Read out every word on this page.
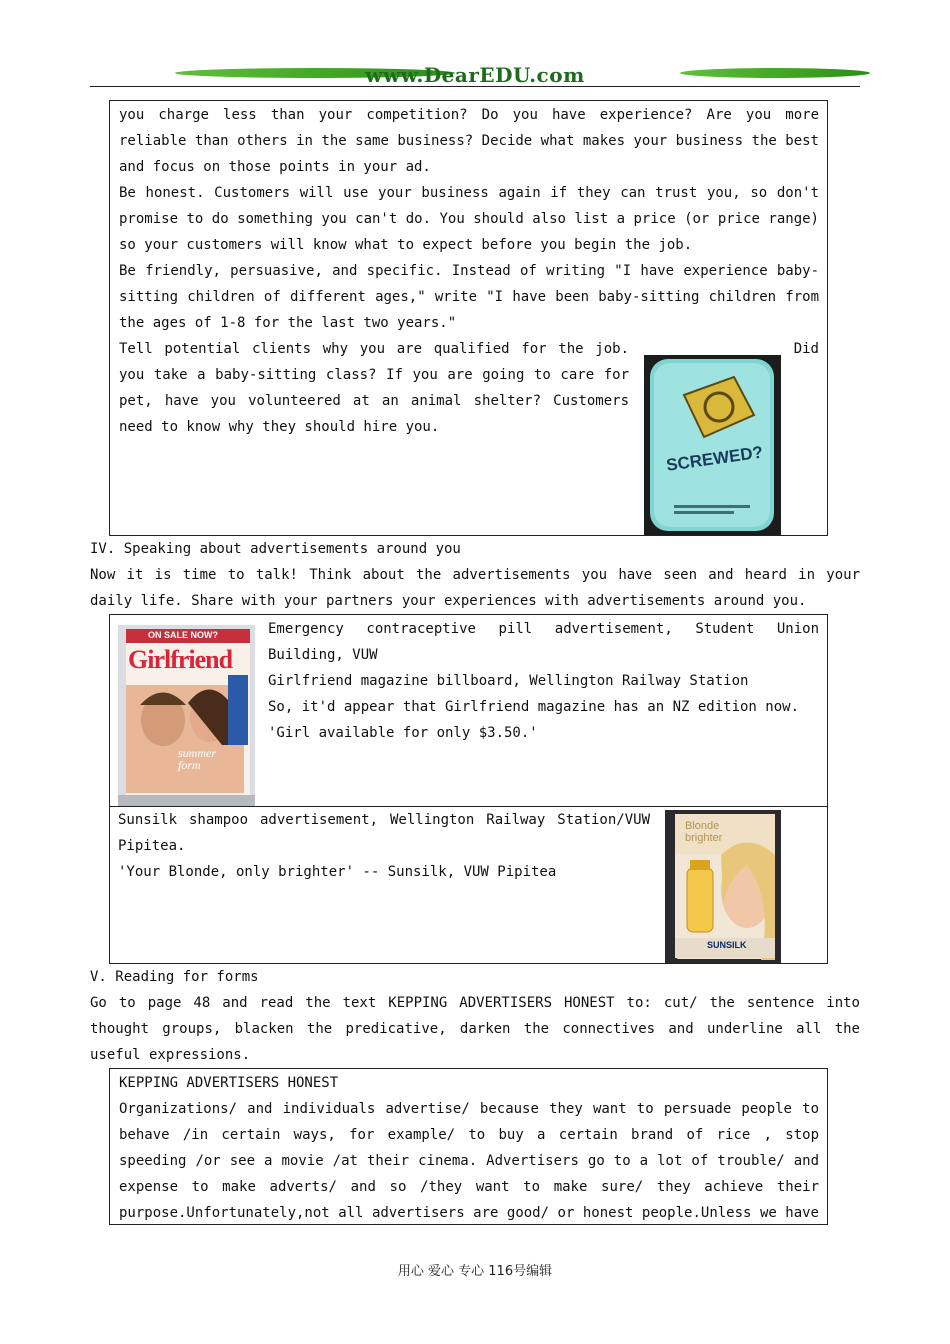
www.DearEDU.com
you charge less than your competition? Do you have experience? Are you more
reliable than others in the same business? Decide what makes your business the best
and focus on those points in your ad.
Be honest. Customers will use your business again if they can trust you, so don't
promise to do something you can't do. You should also list a price (or price range)
so your customers will know what to expect before you begin the job.
Be friendly, persuasive, and specific. Instead of writing "I have experience baby-
sitting children of different ages," write "I have been baby-sitting children from
the ages of 1-8 for the last two years."
Tell potential clients why you are qualified for the job.
you take a baby-sitting class? If you are going to care for
pet, have you volunteered at an animal shelter? Customers
need to know why they should hire you.
Did
SCREWED?
IV. Speaking about advertisements around you
Now it is time to talk! Think about the advertisements you have seen and heard in your
daily life. Share with your partners your experiences with advertisements around you.
ON SALE NOW?
Girlfriend
summer form
Emergency contraceptive pill advertisement, Student Union
Building, VUW
Girlfriend magazine billboard, Wellington Railway Station
So, it'd appear that Girlfriend magazine has an NZ edition now.
'Girl available for only $3.50.'
Sunsilk shampoo advertisement, Wellington Railway Station/VUW
Pipitea.
'Your Blonde, only brighter' -- Sunsilk, VUW Pipitea
Blonde brighter
SUNSILK
V. Reading for forms
Go to page 48 and read the text KEPPING ADVERTISERS HONEST to: cut/ the sentence into
thought groups, blacken the predicative, darken the connectives and underline all the
useful expressions.
KEPPING ADVERTISERS HONEST
Organizations/ and individuals advertise/ because they want to persuade people to
behave /in certain ways, for example/ to buy a certain brand of rice , stop
speeding /or see a movie /at their cinema. Advertisers go to a lot of trouble/ and
expense to make adverts/ and so /they want to make sure/ they achieve their
purpose.Unfortunately,not all advertisers are good/ or honest people.Unless we have
用心 爱心 专心 116号编辑
